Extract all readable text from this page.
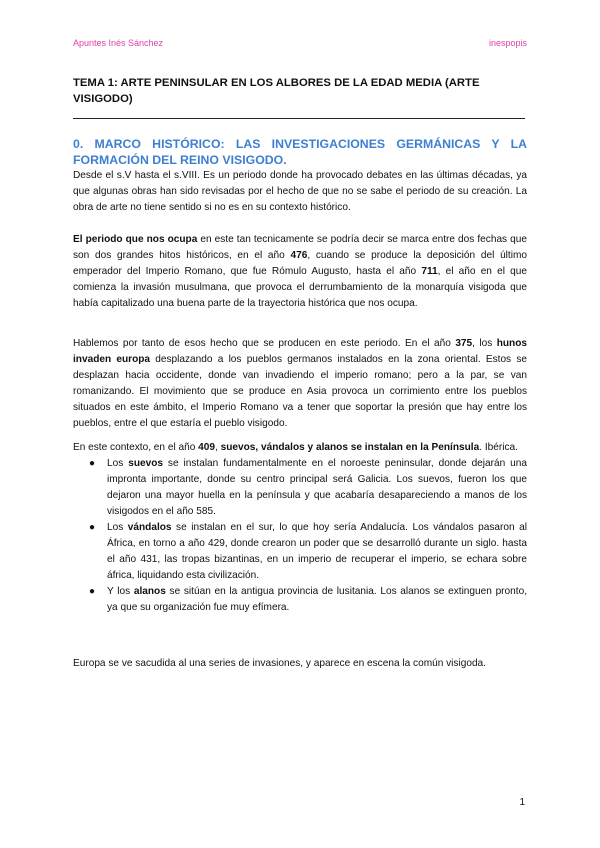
Apuntes Inés Sánchez	inespopis
TEMA 1: ARTE PENINSULAR EN LOS ALBORES DE LA EDAD MEDIA (ARTE VISIGODO)
0. MARCO HISTÓRICO: LAS INVESTIGACIONES GERMÁNICAS Y LA FORMACIÓN DEL REINO VISIGODO.

Desde el s.V hasta el s.VIII. Es un periodo donde ha provocado debates en las últimas décadas, ya que algunas obras han sido revisadas por el hecho de que no se sabe el periodo de su creación. La obra de arte no tiene sentido si no es en su contexto histórico.

El periodo que nos ocupa en este tan tecnicamente se podría decir se marca entre dos fechas que son dos grandes hitos históricos, en el año 476, cuando se produce la deposición del último emperador del Imperio Romano, que fue Rómulo Augusto, hasta el año 711, el año en el que comienza la invasión musulmana, que provoca el derrumbamiento de la monarquía visigoda que había capitalizado una buena parte de la trayectoria histórica que nos ocupa.

Hablemos por tanto de esos hecho que se producen en este periodo. En el año 375, los hunos invaden europa desplazando a los pueblos germanos instalados en la zona oriental. Estos se desplazan hacia occidente, donde van invadiendo el imperio romano; pero a la par, se van romanizando. El movimiento que se produce en Asia provoca un corrimiento entre los pueblos situados en este ámbito, el Imperio Romano va a tener que soportar la presión que hay entre los pueblos, entre el que estaría el pueblo visigodo.

En este contexto, en el año 409, suevos, vándalos y alanos se instalan en la Península. Ibérica.

● Los suevos se instalan fundamentalmente en el noroeste peninsular, donde dejarán una impronta importante, donde su centro principal será Galicia. Los suevos, fueron los que dejaron una mayor huella en la península y que acabaría desapareciendo a manos de los visigodos en el año 585.
● Los vándalos se instalan en el sur, lo que hoy sería Andalucía. Los vándalos pasaron al África, en torno a año 429, donde crearon un poder que se desarrolló durante un siglo. hasta el año 431, las tropas bizantinas, en un imperio de recuperar el imperio, se echara sobre áfrica, liquidando esta civilización.
● Y los alanos se sitúan en la antigua provincia de lusitania. Los alanos se extinguen pronto, ya que su organización fue muy efímera.

Europa se ve sacudida al una series de invasiones, y aparece en escena la común visigoda.

1
